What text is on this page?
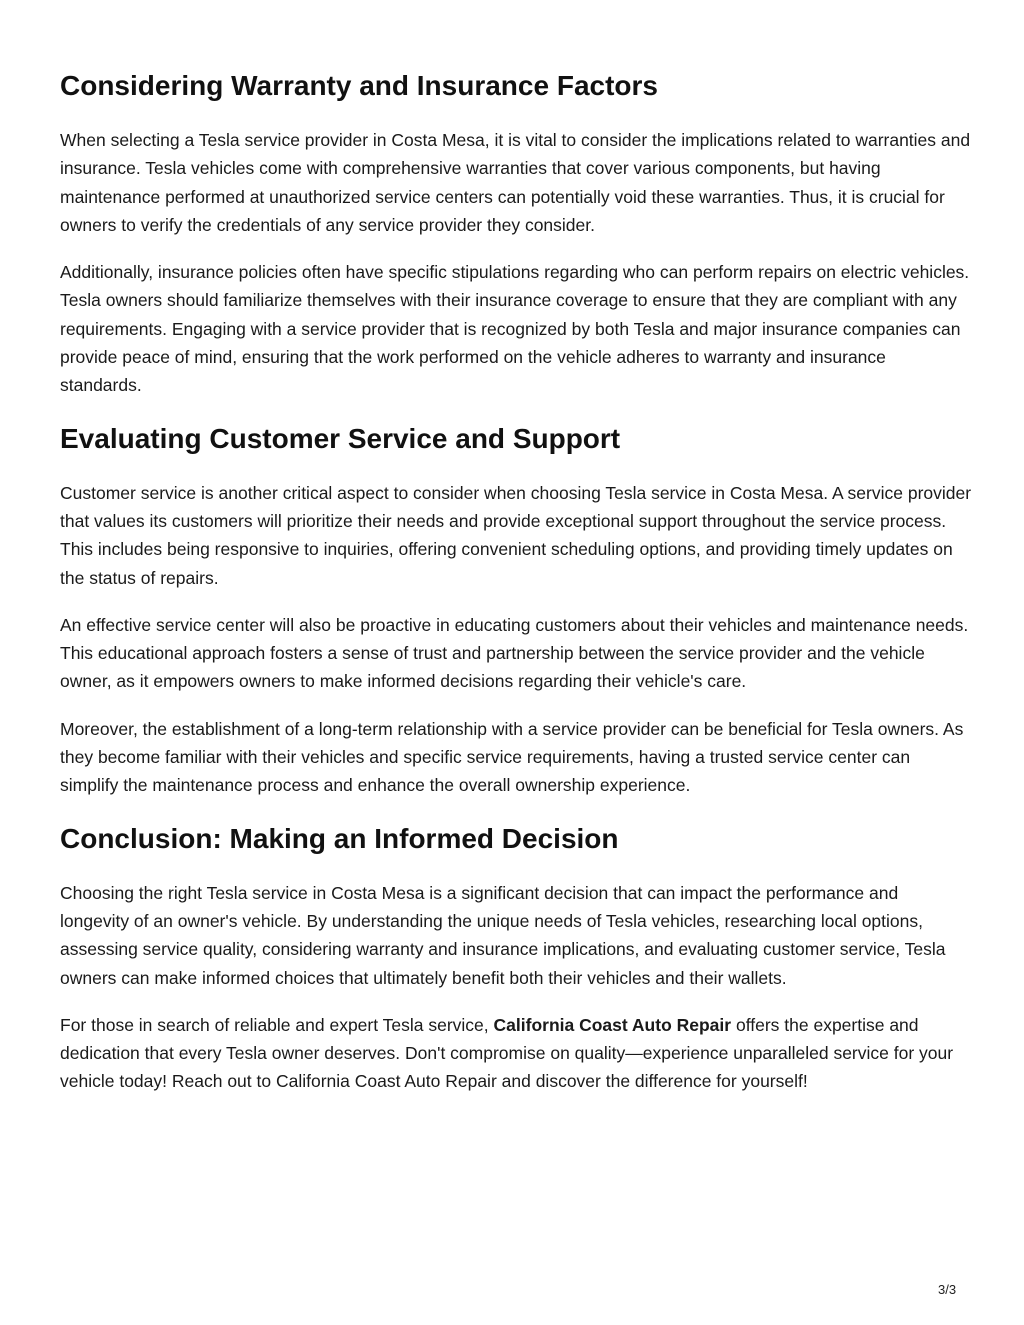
Considering Warranty and Insurance Factors

When selecting a Tesla service provider in Costa Mesa, it is vital to consider the implications related to warranties and insurance. Tesla vehicles come with comprehensive warranties that cover various components, but having maintenance performed at unauthorized service centers can potentially void these warranties. Thus, it is crucial for owners to verify the credentials of any service provider they consider.

Additionally, insurance policies often have specific stipulations regarding who can perform repairs on electric vehicles. Tesla owners should familiarize themselves with their insurance coverage to ensure that they are compliant with any requirements. Engaging with a service provider that is recognized by both Tesla and major insurance companies can provide peace of mind, ensuring that the work performed on the vehicle adheres to warranty and insurance standards.

Evaluating Customer Service and Support

Customer service is another critical aspect to consider when choosing Tesla service in Costa Mesa. A service provider that values its customers will prioritize their needs and provide exceptional support throughout the service process. This includes being responsive to inquiries, offering convenient scheduling options, and providing timely updates on the status of repairs.

An effective service center will also be proactive in educating customers about their vehicles and maintenance needs. This educational approach fosters a sense of trust and partnership between the service provider and the vehicle owner, as it empowers owners to make informed decisions regarding their vehicle's care.

Moreover, the establishment of a long-term relationship with a service provider can be beneficial for Tesla owners. As they become familiar with their vehicles and specific service requirements, having a trusted service center can simplify the maintenance process and enhance the overall ownership experience.

Conclusion: Making an Informed Decision

Choosing the right Tesla service in Costa Mesa is a significant decision that can impact the performance and longevity of an owner's vehicle. By understanding the unique needs of Tesla vehicles, researching local options, assessing service quality, considering warranty and insurance implications, and evaluating customer service, Tesla owners can make informed choices that ultimately benefit both their vehicles and their wallets.

For those in search of reliable and expert Tesla service, California Coast Auto Repair offers the expertise and dedication that every Tesla owner deserves. Don't compromise on quality—experience unparalleled service for your vehicle today! Reach out to California Coast Auto Repair and discover the difference for yourself!

3/3
